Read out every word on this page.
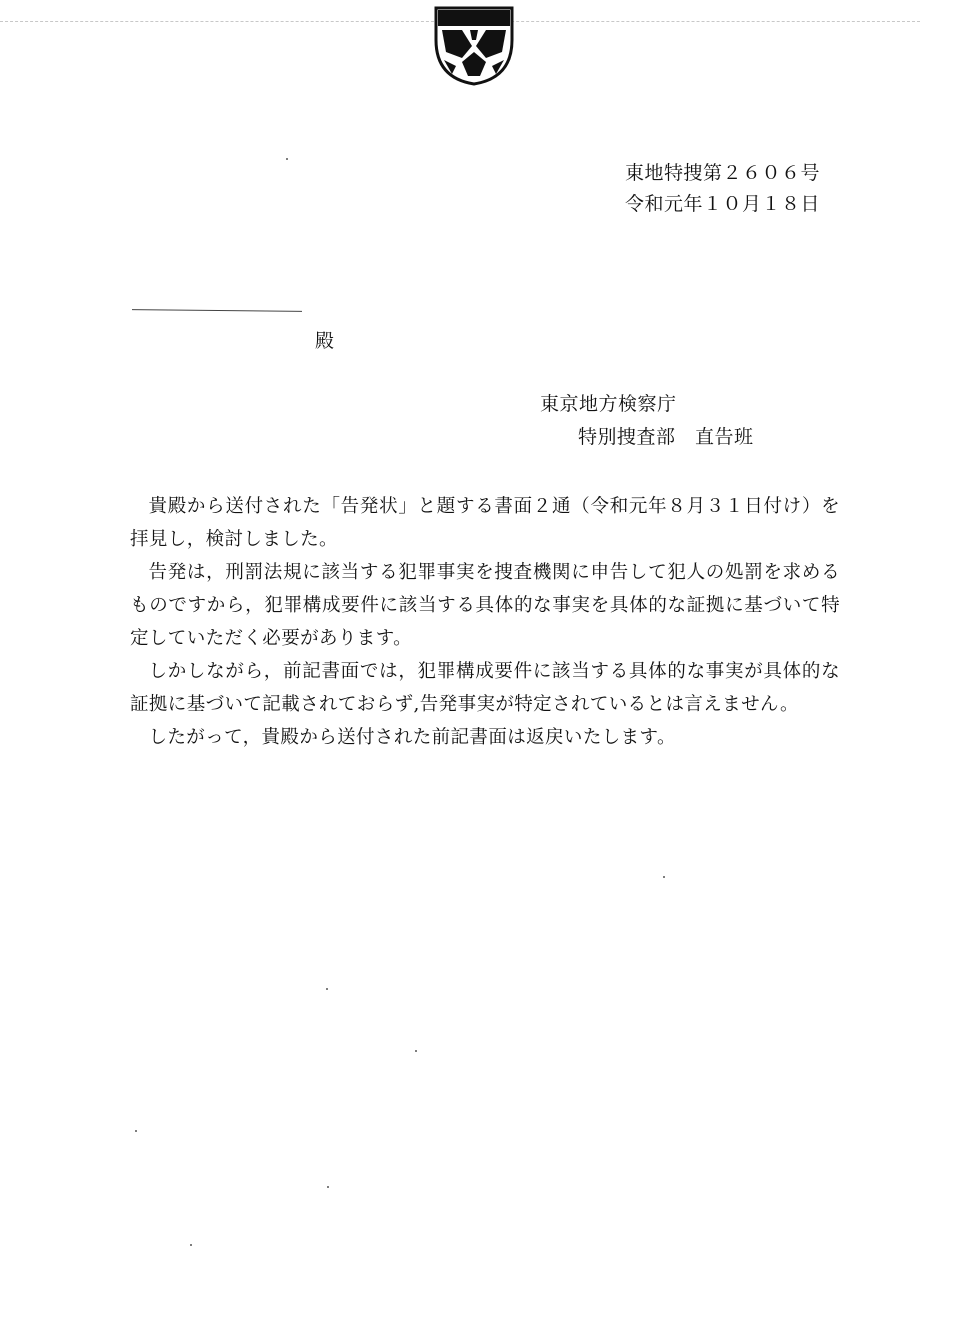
東地特捜第２６０６号
令和元年１０月１８日
殿
東京地方検察庁
特別捜査部　直告班

貴殿から送付された「告発状」と題する書面２通（令和元年８月３１日付け）を拝見し，検討しました。

告発は，刑罰法規に該当する犯罪事実を捜査機関に申告して犯人の処罰を求めるものですから，犯罪構成要件に該当する具体的な事実を具体的な証拠に基づいて特定していただく必要があります。

しかしながら，前記書面では，犯罪構成要件に該当する具体的な事実が具体的な証拠に基づいて記載されておらず,告発事実が特定されているとは言えません。

したがって，貴殿から送付された前記書面は返戻いたします。
